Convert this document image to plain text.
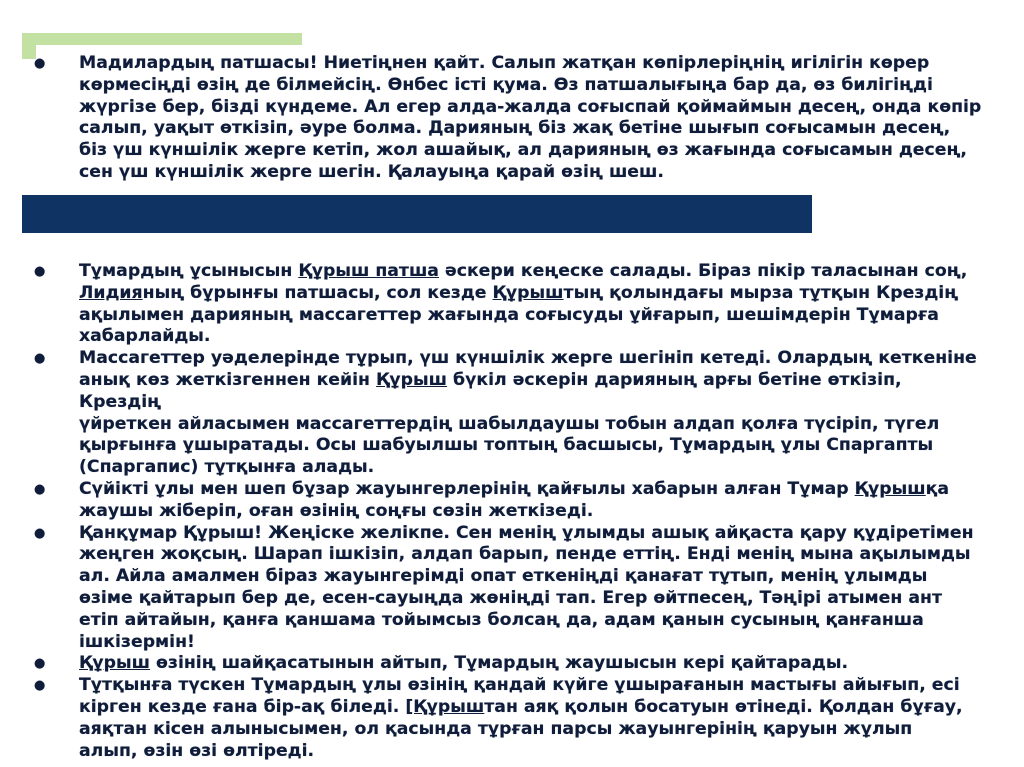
● Мадилардың патшасы! Ниетіңнен қайт. Салып жатқан көпірлеріңнің игілігін көрер
көрмесіңді өзің де білмейсің. Өнбес істі қума. Өз патшалығыңа бар да, өз билігіңді
жүргізе бер, бізді күндеме. Ал егер алда-жалда соғыспай қоймаймын десең, онда көпір
салып, уақыт өткізіп, әуре болма. Дарияның біз жақ бетіне шығып соғысамын десең,
біз үш күншілік жерге кетіп, жол ашайық, ал дарияның өз жағында соғысамын десең,
сен үш күншілік жерге шегін. Қалауыңа қарай өзің шеш.
● Тұмардың ұсынысын Құрыш патша әскери кеңеске салады. Біраз пікір таласынан соң,
Лидияның бұрынғы патшасы, сол кезде Құрыштың қолындағы мырза тұтқын Крездің
ақылымен дарияның массагеттер жағында соғысуды ұйғарып, шешімдерін Тұмарға
хабарлайды.
● Массагеттер уәделерінде тұрып, үш күншілік жерге шегініп кетеді. Олардың кеткеніне
анық көз жеткізгеннен кейін Құрыш бүкіл әскерін дарияның арғы бетіне өткізіп, Крездің
үйреткен айласымен массагеттердің шабылдаушы тобын алдап қолға түсіріп, түгел
қырғынға ұшыратады. Осы шабуылшы топтың басшысы, Тұмардың ұлы Спаргапты
(Спаргапис) тұтқынға алады.
● Сүйікті ұлы мен шеп бұзар жауынгерлерінің қайғылы хабарын алған Тұмар Құрышқа
жаушы жіберіп, оған өзінің соңғы сөзін жеткізеді.
● Қанқұмар Құрыш! Жеңіске желікпе. Сен менің ұлымды ашық айқаста қару құдіретімен
жеңген жоқсың. Шарап ішкізіп, алдап барып, пенде еттің. Енді менің мына ақылымды
ал. Айла амалмен біраз жауынгерімді опат еткеніңді қанағат тұтып, менің ұлымды
өзіме қайтарып бер де, есен-сауыңда жөніңді тап. Егер өйтпесең, Тәңірі атымен ант
етіп айтайын, қанға қаншама тойымсыз болсаң да, адам қанын сусының қанғанша
ішкізермін!
● Құрыш өзінің шайқасатынын айтып, Тұмардың жаушысын кері қайтарады.
● Тұтқынға түскен Тұмардың ұлы өзінің қандай күйге ұшырағанын мастығы айығып, есі
кірген кезде ғана бір-ақ біледі. [Құрыштан аяқ қолын босатуын өтінеді. Қолдан бұғау,
аяқтан кісен алынысымен, ол қасында тұрған парсы жауынгерінің қаруын жұлып
алып, өзін өзі өлтіреді.
